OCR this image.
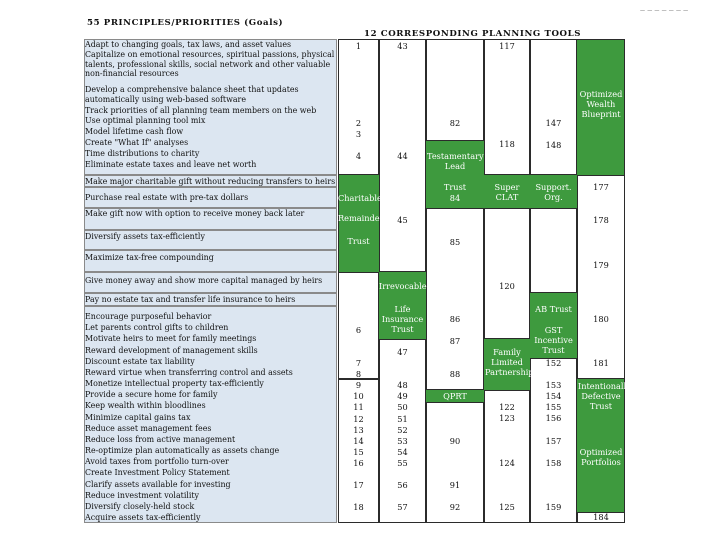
55 PRINCIPLES/PRIORITIES (Goals)
12 CORRESPONDING PLANNING TOOLS
— — — — — — —
Adapt to changing goals, tax laws, and asset values
Capitalize on emotional resources, spiritual passions, physical talents, professional skills, social network and other valuable non-financial resources
Develop a comprehensive balance sheet that updates automatically using web-based software
Track priorities of all planning team members on the web
Use optimal planning tool mix
Model lifetime cash flow
Create "What If" analyses
Time distributions to charity
Eliminate estate taxes and leave net worth
Make major charitable gift without reducing transfers to heirs
Purchase real estate with pre-tax dollars
Make gift now with option to receive money back later
Diversify assets tax-efficiently
Maximize tax-free compounding
Give money away and show more capital managed by heirs
Pay no estate tax and transfer life insurance to heirs
Encourage purposeful behavior
Let parents control gifts to children
Motivate heirs to meet for family meetings
Reward development of management skills
Discount estate tax liability
Reward virtue when transferring control and assets
Monetize intellectual property tax-efficiently
Provide a secure home for family
Keep wealth within bloodlines
Minimize capital gains tax
Reduce asset management fees
Reduce loss from active management
Re-optimize plan automatically as assets change
Avoid taxes from portfolio turn-over
Create Investment Policy Statement
Clarify assets available for investing
Reduce investment volatility
Diversify closely-held stock
Acquire assets tax-efficiently
1
2
3
4
6
7
8
9
10
11
12
13
14
15
16
17
18
43
44
45
47
48
49
50
51
52
53
54
55
56
57
82
84
85
86
87
88
90
91
92
117
118
120
122
123
124
125
147
148
152
153
154
155
156
157
158
159
177
178
179
180
181
184
Charitable
Remainder
Trust
Irrevocable
Life Insurance Trust
Testamentary Lead
Trust	Super CLAT
Support. Org.
Optimized Wealth Blueprint
AB Trust
GST Incentive Trust
Family Limited Partnership
QPRT
Intentionally Defective Trust
Optimized Portfolios
